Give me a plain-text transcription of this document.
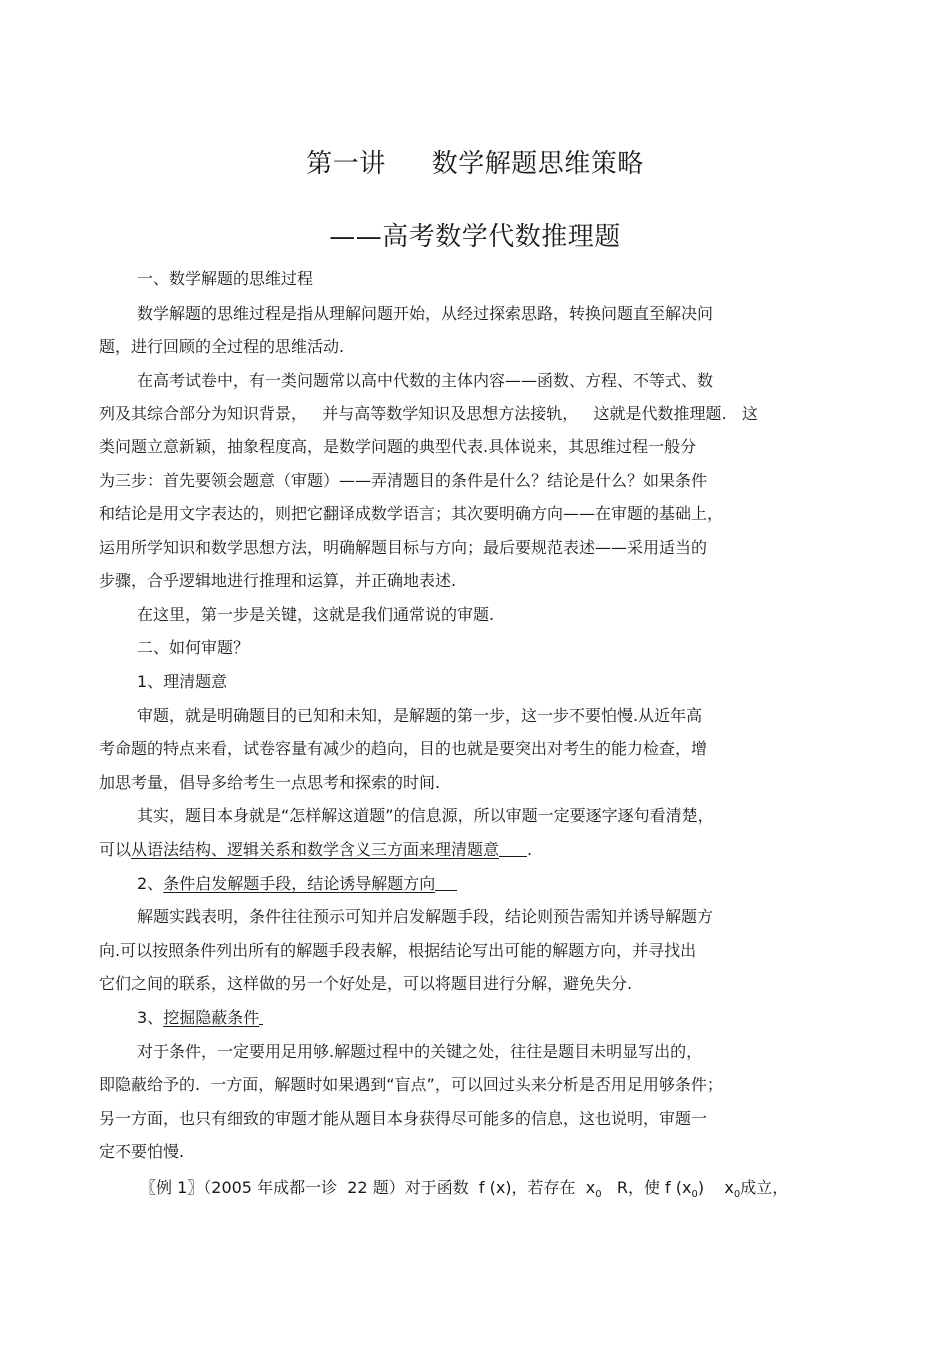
第一讲 数学解题思维策略
——高考数学代数推理题
一、数学解题的思维过程
数学解题的思维过程是指从理解问题开始，从经过探索思路，转换问题直至解决问
题，进行回顾的全过程的思维活动.
在高考试卷中，有一类问题常以高中代数的主体内容——函数、方程、不等式、数
列及其综合部分为知识背景，   并与高等数学知识及思想方法接轨，   这就是代数推理题.   这
类问题立意新颖，抽象程度高，是数学问题的典型代表.具体说来，其思维过程一般分
为三步：首先要领会题意（审题）——弄清题目的条件是什么？结论是什么？如果条件
和结论是用文字表达的，则把它翻译成数学语言；其次要明确方向——在审题的基础上，
运用所学知识和数学思想方法，明确解题目标与方向；最后要规范表述——采用适当的
步骤，合乎逻辑地进行推理和运算，并正确地表述.
在这里，第一步是关键，这就是我们通常说的审题.
二、如何审题？
1、理清题意
审题，就是明确题目的已知和未知，是解题的第一步，这一步不要怕慢.从近年高
考命题的特点来看，试卷容量有减少的趋向，目的也就是要突出对考生的能力检查，增
加思考量，倡导多给考生一点思考和探索的时间.
其实，题目本身就是“怎样解这道题”的信息源，所以审题一定要逐字逐句看清楚，
可以从语法结构、逻辑关系和数学含义三方面来理清题意 .
2、条件启发解题手段，结论诱导解题方向
解题实践表明，条件往往预示可知并启发解题手段，结论则预告需知并诱导解题方
向.可以按照条件列出所有的解题手段表解，根据结论写出可能的解题方向，并寻找出
它们之间的联系，这样做的另一个好处是，可以将题目进行分解，避免失分.
3、挖掘隐蔽条件
对于条件，一定要用足用够.解题过程中的关键之处，往往是题目未明显写出的，
即隐蔽给予的.  一方面，解题时如果遇到“盲点”，可以回过头来分析是否用足用够条件；
另一方面，也只有细致的审题才能从题目本身获得尽可能多的信息，这也说明，审题一
定不要怕慢.
〖例 1〗（2005 年成都一诊  22 题）对于函数  f (x)，若存在  $x_0$   R，使 f $(x_0)$    $x_0$成立，
